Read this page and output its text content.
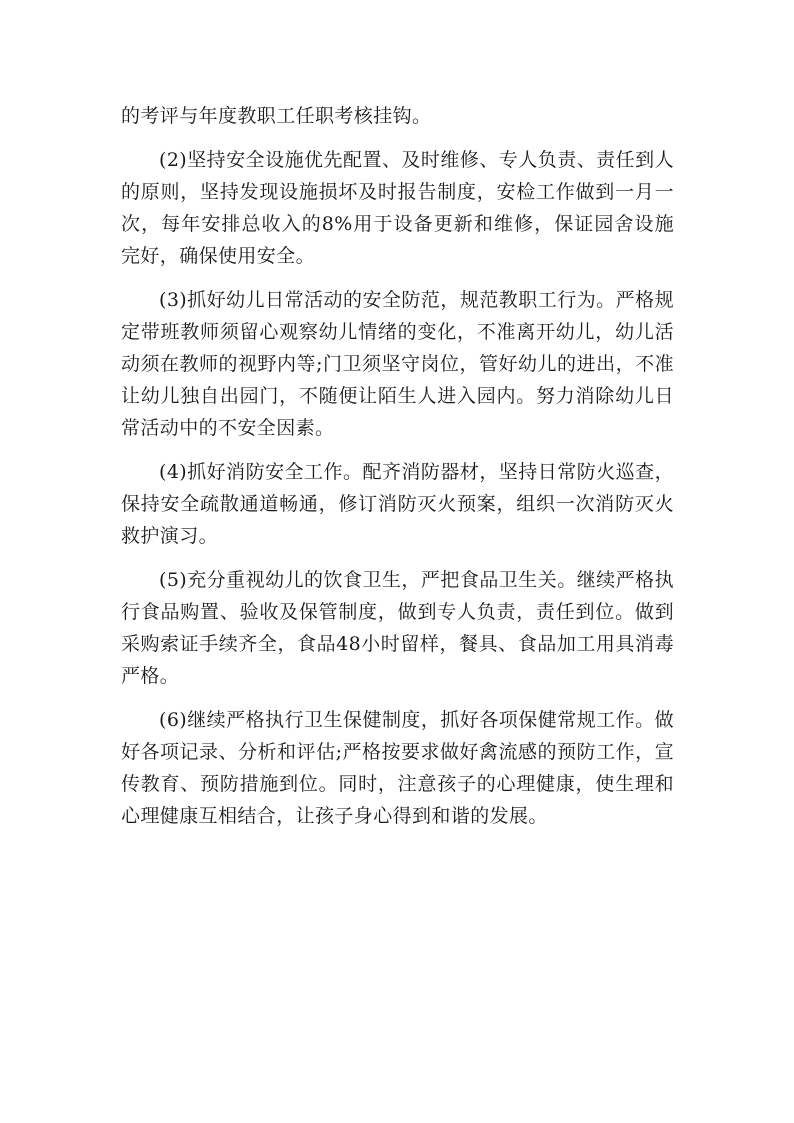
的考评与年度教职工任职考核挂钩。

(2)坚持安全设施优先配置、及时维修、专人负责、责任到人的原则，坚持发现设施损坏及时报告制度，安检工作做到一月一次，每年安排总收入的8%用于设备更新和维修，保证园舍设施完好，确保使用安全。

(3)抓好幼儿日常活动的安全防范，规范教职工行为。严格规定带班教师须留心观察幼儿情绪的变化，不准离开幼儿，幼儿活动须在教师的视野内等;门卫须坚守岗位，管好幼儿的进出，不准让幼儿独自出园门，不随便让陌生人进入园内。努力消除幼儿日常活动中的不安全因素。

(4)抓好消防安全工作。配齐消防器材，坚持日常防火巡查，保持安全疏散通道畅通，修订消防灭火预案，组织一次消防灭火救护演习。

(5)充分重视幼儿的饮食卫生，严把食品卫生关。继续严格执行食品购置、验收及保管制度，做到专人负责，责任到位。做到采购索证手续齐全，食品48小时留样，餐具、食品加工用具消毒严格。

(6)继续严格执行卫生保健制度，抓好各项保健常规工作。做好各项记录、分析和评估;严格按要求做好禽流感的预防工作，宣传教育、预防措施到位。同时，注意孩子的心理健康，使生理和心理健康互相结合，让孩子身心得到和谐的发展。
